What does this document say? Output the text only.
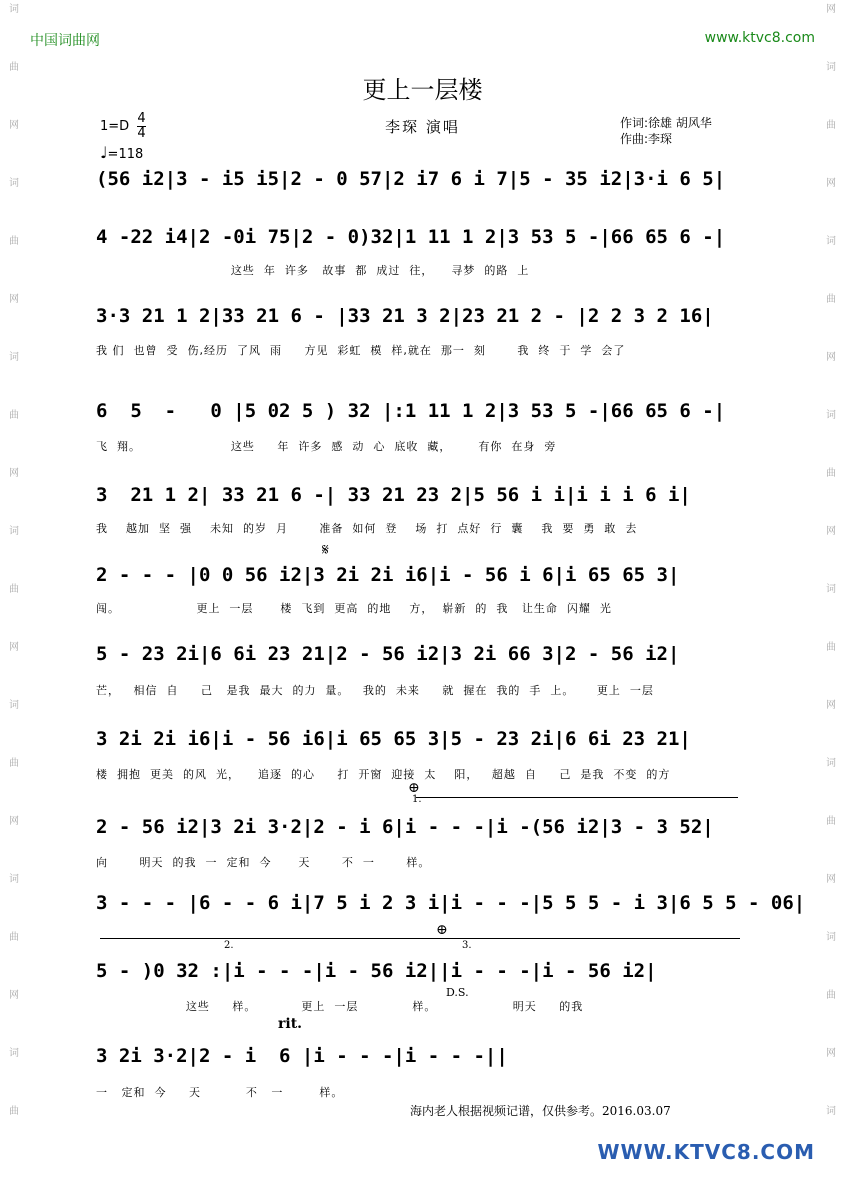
中国词曲网	www.ktvc8.com
词
曲
网
词
曲
网
词
曲
网
词
曲
网
词
曲
网
词
曲
网
词
曲
网
词
曲
网
词
曲
网
词
曲
网
词
曲
网
词
曲
网
词
曲
网
词
更上一层楼
李琛 演唱	作词:徐雄 胡风华
作曲:李琛
$1=D \frac{4}{4}$
♩=118
(56 i2|3 - i5 i5|2 - 0 57|2 i7 6 i 7|5 - 35 i2|3·i 6 5|
4 -22 i4|2 -0i 75|2 - 0)32|1 11 1 2|3 53 5 -|66 65 6 -|
这些  年  许多   故事  都  成过  往，    寻梦  的路  上
3·3 21 1 2|33 21 6 - |33 21 3 2|23 21 2 - |2 2 3 2 16|
我 们  也曾  受  伤,经历  了风  雨     方见  彩虹  模  样,就在  那一  刻       我  终  于  学  会了
6  5  -   0 |5 02 5 ) 32 |:1 11 1 2|3 53 5 -|66 65 6 -|
飞  翔。                    这些     年  许多  感  动  心  底收  藏，      有你  在身  旁
3  21 1 2| 33 21 6 -| 33 21 23 2|5 56 i i|i i i 6 i|
我    越加  坚  强    未知  的岁  月       准备  如何  登    场  打  点好  行  囊    我  要  勇  敢  去
𝄋
2 - - - |0 0 56 i2|3 2i 2i i6|i - 56 i 6|i 65 65 3|
闯。                 更上  一层      楼  飞到  更高  的地    方，  崭新  的  我   让生命  闪耀  光
5 - 23 2i|6 6i 23 21|2 - 56 i2|3 2i 66 3|2 - 56 i2|
芒，   相信  自     己   是我  最大  的力  量。   我的  未来     就  握在  我的  手  上。     更上  一层
3 2i 2i i6|i - 56 i6|i 65 65 3|5 - 23 2i|6 6i 23 21|
楼  拥抱  更美  的风  光，    追逐  的心     打  开窗  迎接  太    阳，   超越  自     己  是我  不变  的方
⊕
1.
2 - 56 i2|3 2i 3·2|2 - i 6|i - - -|i -(56 i2|3 - 3 52|
向       明天  的我  一  定和  今      天       不  一       样。
3 - - - |6 - - 6 i|7 5 i 2 3 i|i - - -|5 5 5 - i 3|6 5 5 - 06|
2.
⊕
3.
5 - )0 32 :|i - - -|i - 56 i2||i - - -|i - 56 i2|
D.S.
这些     样。          更上  一层            样。                 明天     的我
rit.
3 2i 3·2|2 - i  6 |i - - -|i - - -||
一   定和  今     天          不   一        样。
海内老人根据视频记谱，仅供参考。2016.03.07
WWW.KTVC8.COM
